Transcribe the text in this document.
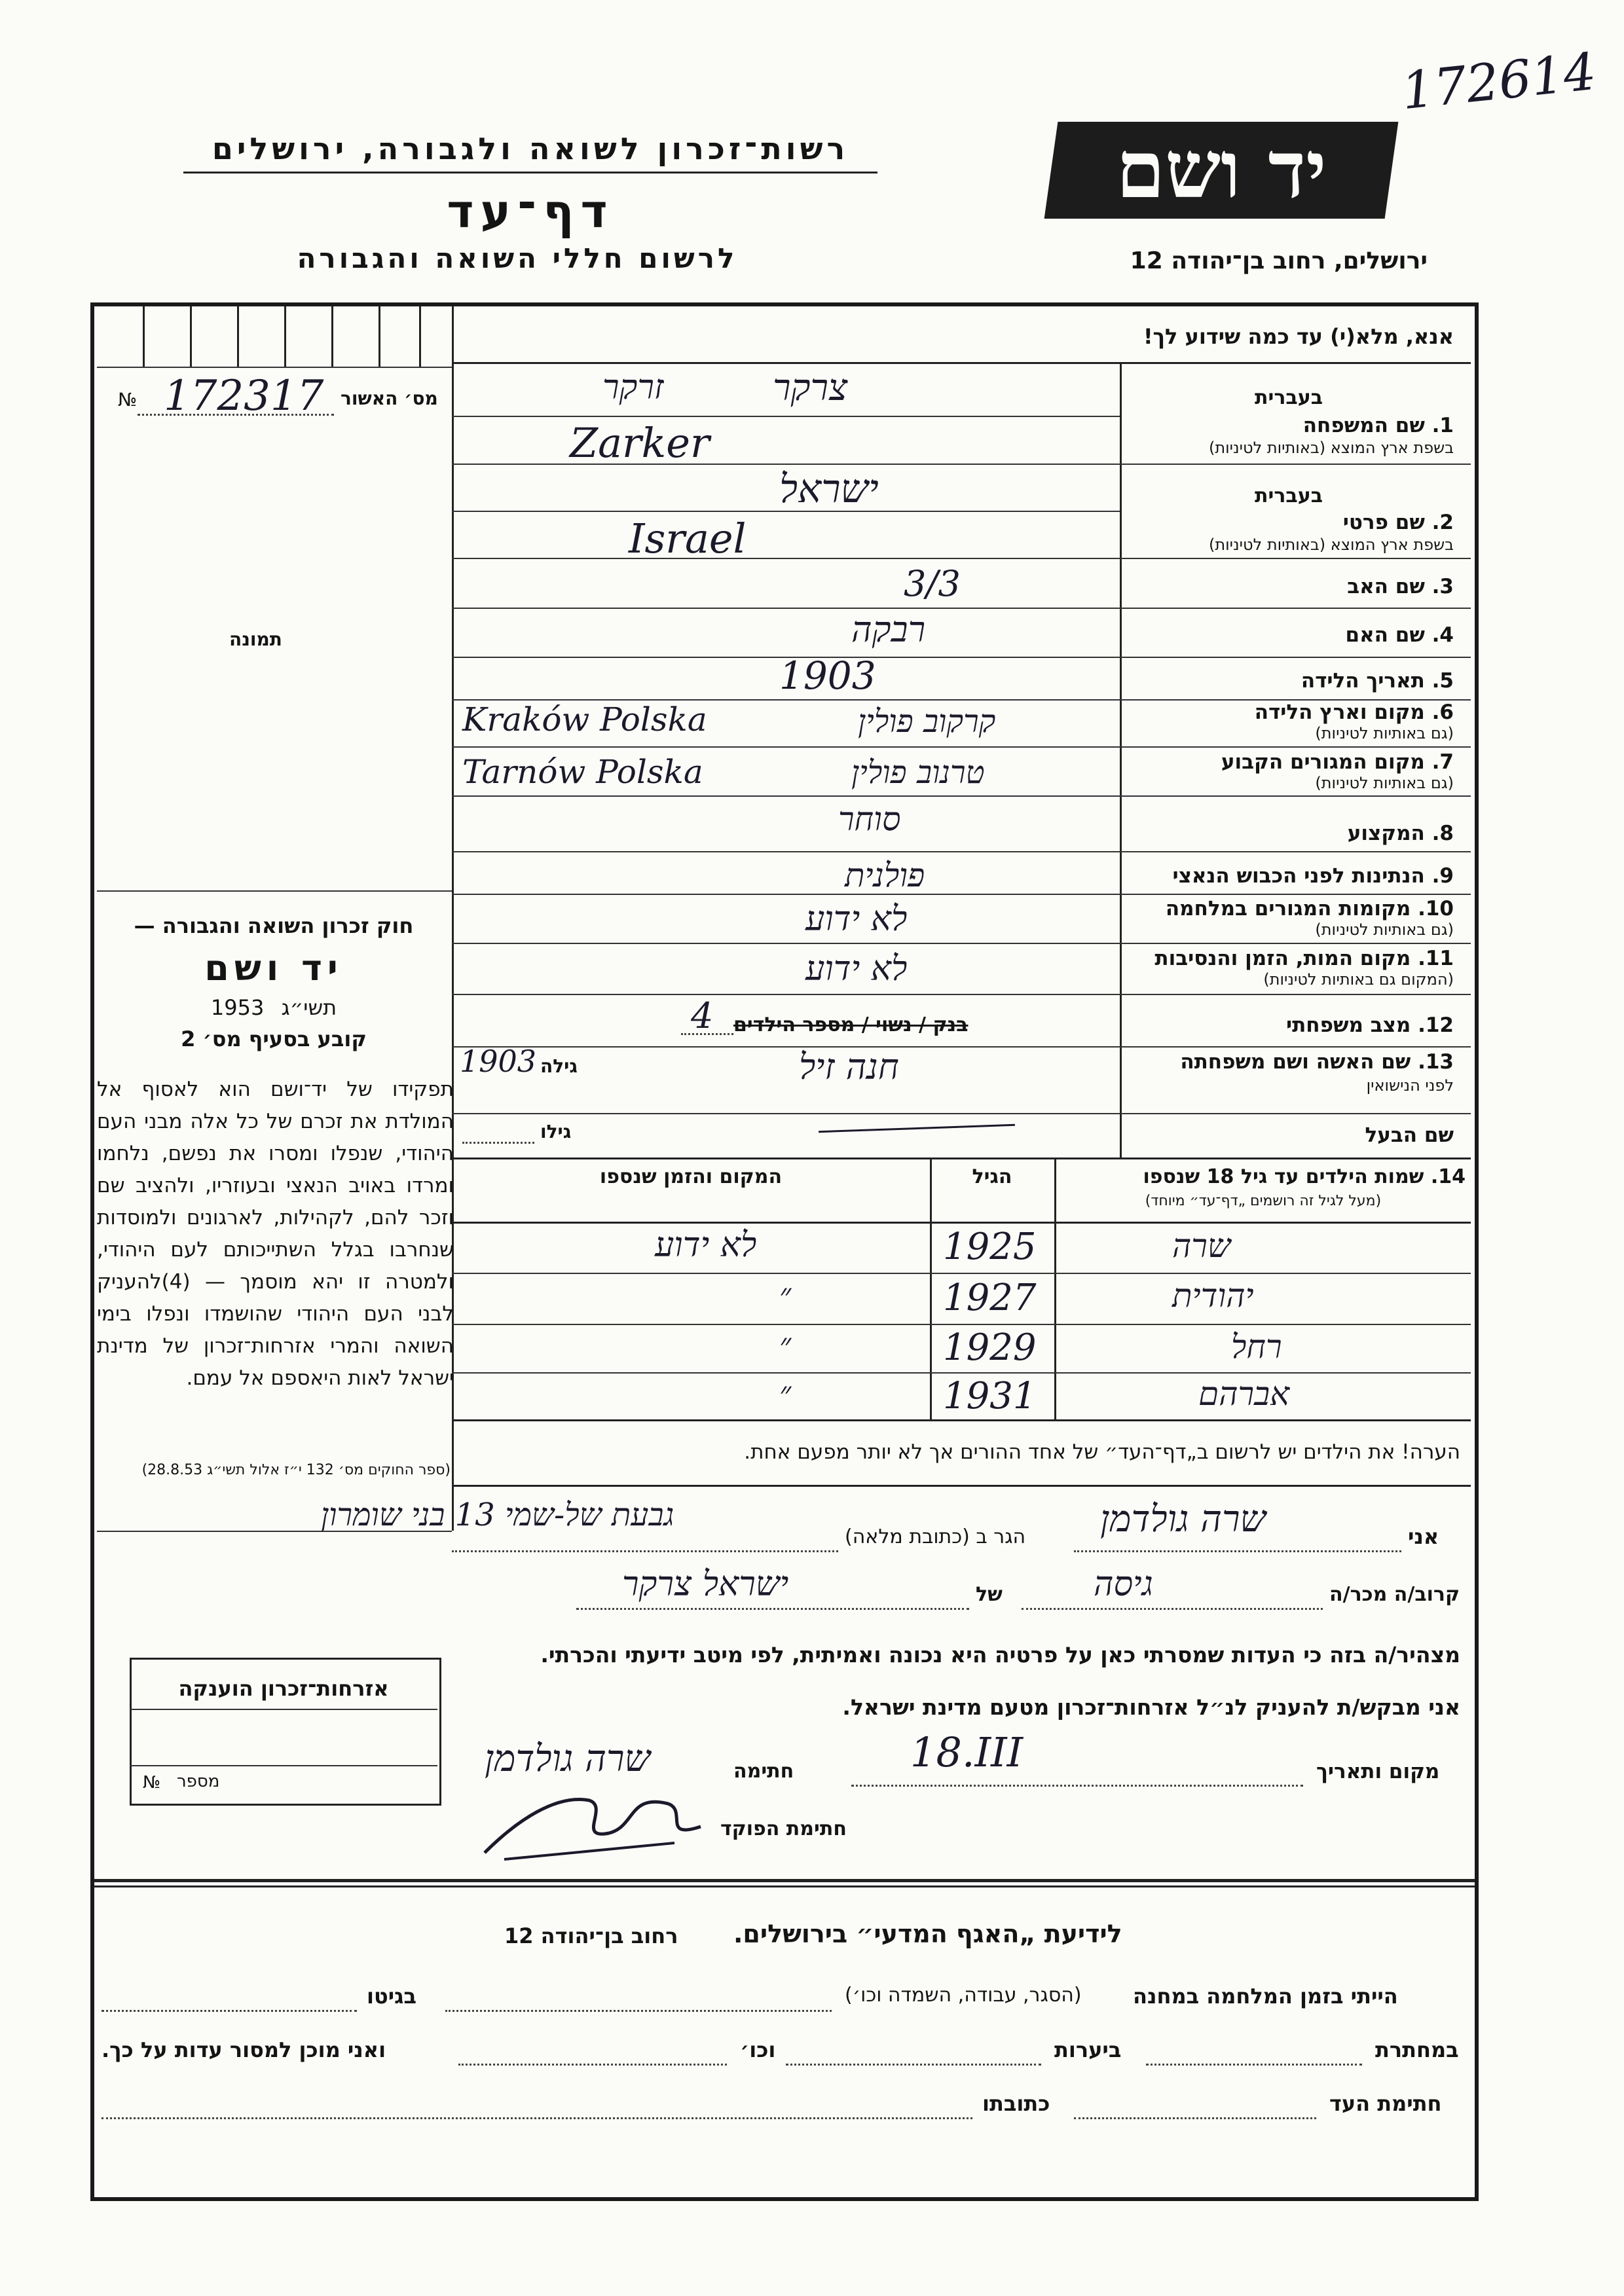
172614
רשות־זכרון לשואה ולגבורה, ירושלים
דף־עד
לרשום חללי השואה והגבורה
יד ושם
ירושלים, רחוב בן־יהודה 12
מס׳ האשור
№ 172317
תמונה
אנא, מלא(י) עד כמה שידוע לך!
בעברית
1. שם המשפחה
בשפת ארץ המוצא (באותיות לטיניות)
בעברית
2. שם פרטי
בשפת ארץ המוצא (באותיות לטיניות)
3. שם האב
4. שם האם
5. תאריך הלידה
6. מקום וארץ הלידה
(גם באותיות לטיניות)
7. מקום המגורים הקבוע
(גם באותיות לטיניות)
8. המקצוע
9. הנתינות לפני הכבוש הנאצי
10. מקומות המגורים במלחמה
(גם באותיות לטיניות)
11. מקום המות, הזמן והנסיבות
(המקום גם באותיות לטיניות)
12. מצב משפחתי
13. שם האשה ושם משפחתה
לפני הנישואין
שם הבעל
צרקר
זרקר
Zarker
ישראל
Israel
3/3
רבקה
1903
Kraków Polska	קרקוב פולין
Tarnów Polska	טרנוב פולין
סוחר
פולנית
לא ידוע
לא ידוע
בנק / נשוי / מספר הילדים
4
חנה זיל
גילה
1903
גילו
14. שמות הילדים עד גיל 18 שנספו
(מעל לגיל זה רושמים „דף־עד״ מיוחד)
הגיל
המקום והזמן שנספו
שרה
1925
לא ידוע
יהודית
1927
״
רחל
1929
״
אברהם
1931
״
הערה! את הילדים יש לרשום ב„דף־העד״ של אחד ההורים אך לא יותר מפעם אחת.
חוק זכרון השואה והגבורה —
יד ושם
תשי״ג 1953
קובע בסעיף מס׳ 2
תפקידו של יד־ושם הוא לאסוף אל המולדת את זכרם של כל אלה מבני העם היהודי, שנפלו ומסרו את נפשם, נלחמו ומרדו באויב הנאצי ובעוזריו, ולהציב שם וזכר להם, לקהילות, לארגונים ולמוסדות שנחרבו בגלל השתייכותם לעם היהודי, ולמטרה זו יהא מוסמך — (4)להעניק לבני העם היהודי שהושמדו ונפלו בימי השואה והמרי אזרחות־זכרון של מדינת ישראל לאות היאספם אל עמם.
(ספר החוקים מס׳ 132 י״ז אלול תשי״ג 28.8.53)
אזרחות־זכרון הוענקה
מספר
№
אני
שרה גולדמן
הגר ב (כתובת מלאה)
גבעת של-שמי 13 בני שומרון
קרוב/ה מכר/ה
גיסה
של
ישראל צרקר
מצהיר/ה בזה כי העדות שמסרתי כאן על פרטיה היא נכונה ואמיתית, לפי מיטב ידיעתי והכרתי.
אני מבקש/ת להעניק לנ״ל אזרחות־זכרון מטעם מדינת ישראל.
מקום ותאריך
18.III
חתימה
שרה גולדמן
חתימת הפוקד
לידיעת „האגף המדעי״ בירושלים.
רחוב בן־יהודה 12
הייתי בזמן המלחמה במחנה
(הסגר, עבודה, השמדה וכו׳)
בגיטו
במחתרת
ביערות
וכו׳
ואני מוכן למסור עדות על כך.
חתימת העד
כתובתו
